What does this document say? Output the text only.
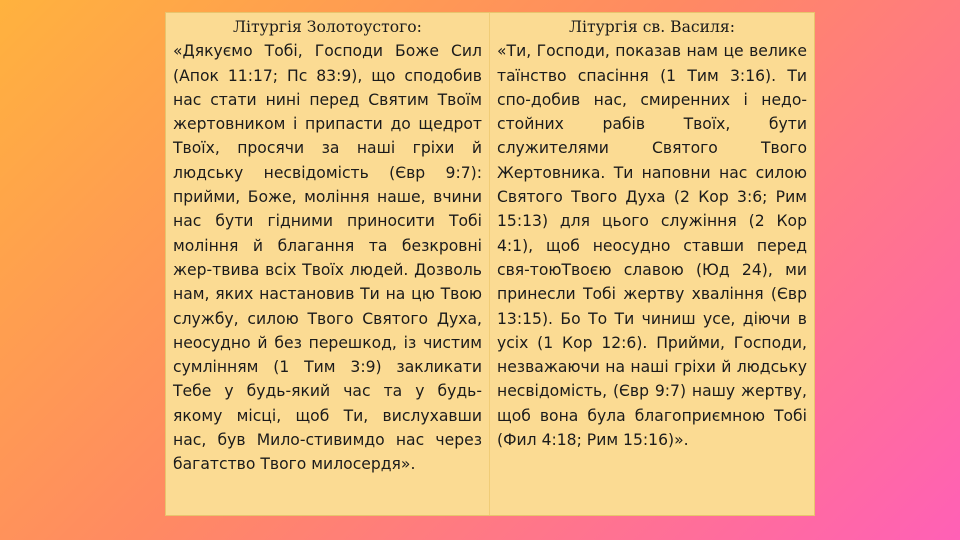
Літургія Золотоустого:
«Дякуємо Тобі, Господи Боже Сил (Апок 11:17; Пс 83:9), що сподобив нас стати нині перед Святим Твоїм жертовником і припасти до щедрот Твоїх, просячи за наші гріхи й людську несвідомість (Євр 9:7): прийми, Боже, моління наше, вчини нас бути гідними приносити Тобі моління й благання та безкровні жер-твива всіх Твоїх людей. Дозволь нам, яких настановив Ти на цю Твою службу, силою Твого Святого Духа, неосудно й без перешкод, із чистим сумлінням (1 Тим 3:9) закликати Тебе у будь-який час та у будь-якому місці, щоб Ти, вислухавши нас, був Мило-стивимдо нас через багатство Твого милосердя».
Літургія св. Василя:
«Ти, Господи, показав нам це велике таїнство спасіння (1 Тим 3:16). Ти спо-добив нас, смиренних і недо-стойних рабів Твоїх, бути служителями Святого Твого Жертовника. Ти наповни нас силою Святого Твого Духа (2 Кор 3:6; Рим 15:13) для цього служіння (2 Кор 4:1), щоб неосудно ставши перед свя-тоюТвоєю славою (Юд 24), ми принесли Тобі жертву хваління (Євр 13:15). Бо То Ти чиниш усе, діючи в усіх (1 Кор 12:6). Прийми, Господи, незважаючи на наші гріхи й людську несвідомість, (Євр 9:7) нашу жертву, щоб вона була благоприємною Тобі (Фил 4:18; Рим 15:16)».
